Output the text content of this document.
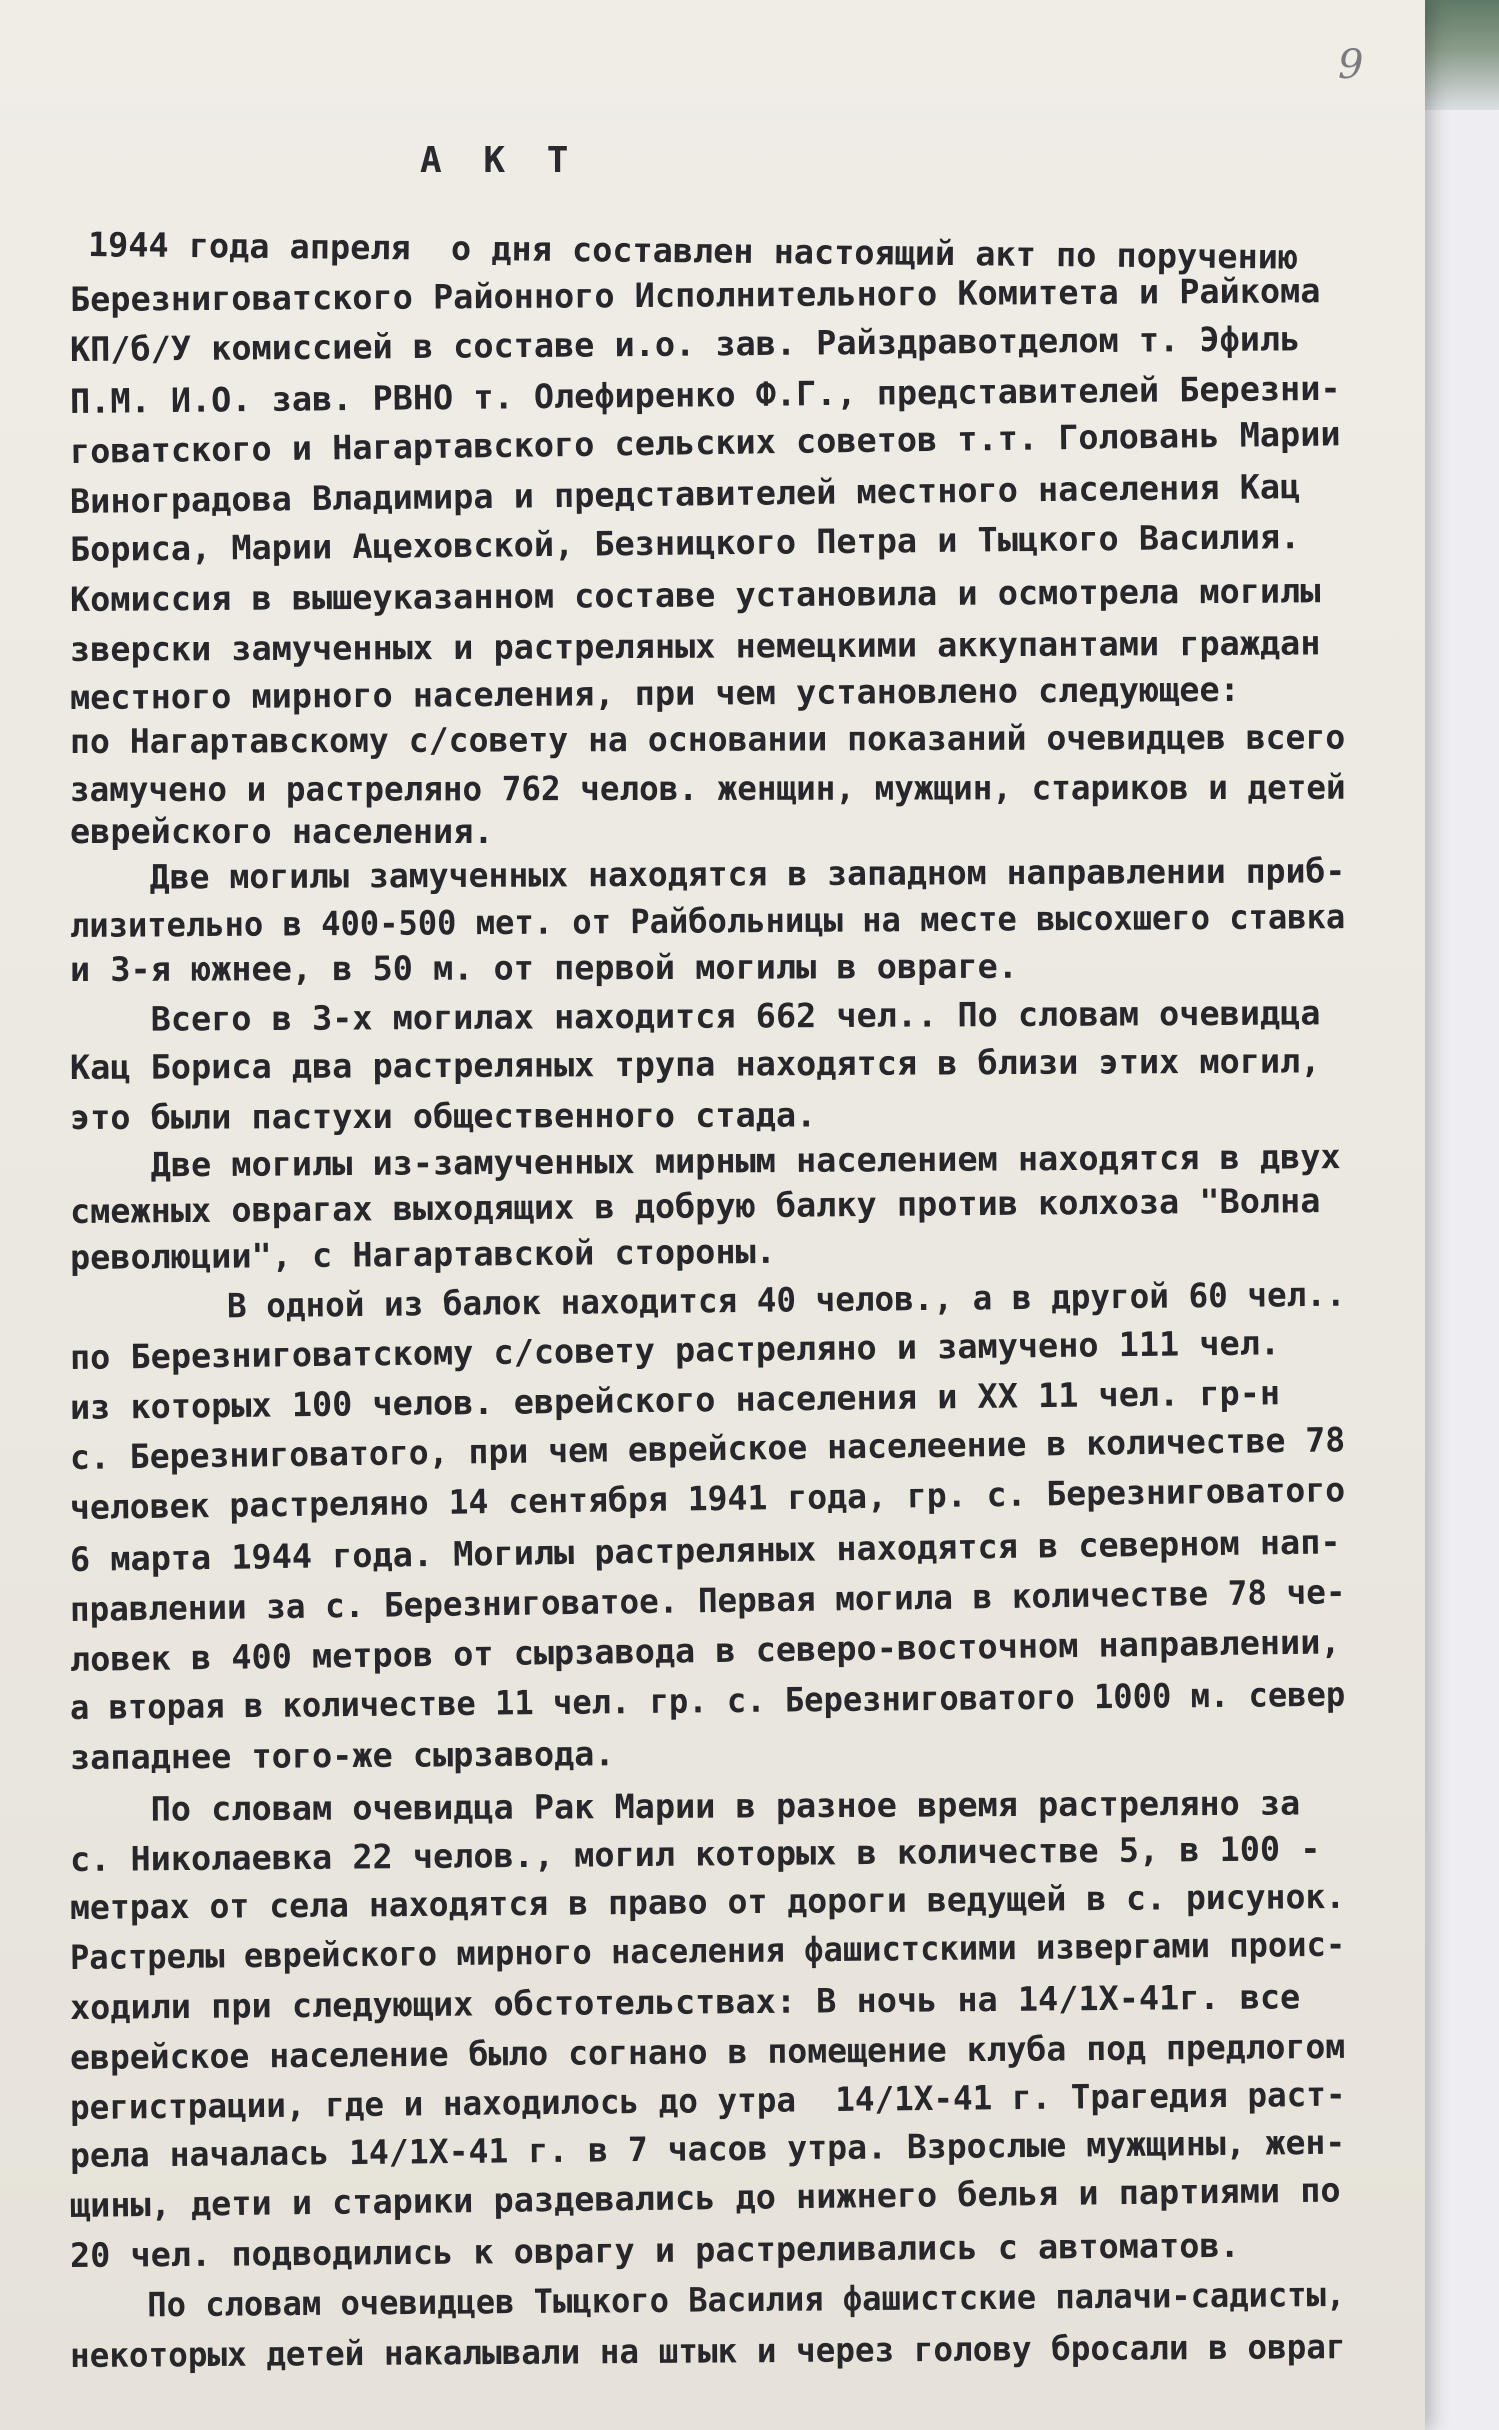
9
А К Т
1944 года апреля  о дня составлен настоящий акт по поручению
Березниговатского Районного Исполнительного Комитета и Райкома
КП/б/У комиссией в составе и.о. зав. Райздравотделом т. Эфиль
П.М. И.О. зав. РВНО т. Олефиренко Ф.Г., представителей Березни-
говатского и Нагартавского сельских советов т.т. Головань Марии
Виноградова Владимира и представителей местного населения Кац
Бориса, Марии Ацеховской, Безницкого Петра и Тыцкого Василия.
Комиссия в вышеуказанном составе установила и осмотрела могилы
зверски замученных и растреляных немецкими аккупантами граждан
местного мирного населения, при чем установлено следующее:
по Нагартавскому с/совету на основании показаний очевидцев всего
замучено и растреляно 762 челов. женщин, мужщин, стариков и детей
еврейского населения.
Две могилы замученных находятся в западном направлении приб-
лизительно в 400-500 мет. от Райбольницы на месте высохшего ставка
и 3-я южнее, в 50 м. от первой могилы в овраге.
Всего в 3-х могилах находится 662 чел.. По словам очевидца
Кац Бориса два растреляных трупа находятся в близи этих могил,
это были пастухи общественного стада.
Две могилы из-замученных мирным населением находятся в двух
смежных оврагах выходящих в добрую балку против колхоза "Волна
революции", с Нагартавской стороны.
В одной из балок находится 40 челов., а в другой 60 чел..
по Березниговатскому с/совету растреляно и замучено 111 чел.
из которых 100 челов. еврейского населения и ХХ 11 чел. гр-н
с. Березниговатого, при чем еврейское населеение в количестве 78
человек растреляно 14 сентября 1941 года, гр. с. Березниговатого
6 марта 1944 года. Могилы растреляных находятся в северном нап-
правлении за с. Березниговатое. Первая могила в количестве 78 че-
ловек в 400 метров от сырзавода в северо-восточном направлении,
а вторая в количестве 11 чел. гр. с. Березниговатого 1000 м. север
западнее того-же сырзавода.
По словам очевидца Рак Марии в разное время растреляно за
с. Николаевка 22 челов., могил которых в количестве 5, в 100 -
метрах от села находятся в право от дороги ведущей в с. рисунок.
Растрелы еврейского мирного населения фашистскими извергами проис-
ходили при следующих обстотельствах: В ночь на 14/1Х-41г. все
еврейское население было согнано в помещение клуба под предлогом
регистрации, где и находилось до утра  14/1Х-41 г. Трагедия раст-
рела началась 14/1Х-41 г. в 7 часов утра. Взрослые мужщины, жен-
щины, дети и старики раздевались до нижнего белья и партиями по
20 чел. подводились к оврагу и растреливались с автоматов.
По словам очевидцев Тыцкого Василия фашистские палачи-садисты,
некоторых детей накалывали на штык и через голову бросали в овраг
